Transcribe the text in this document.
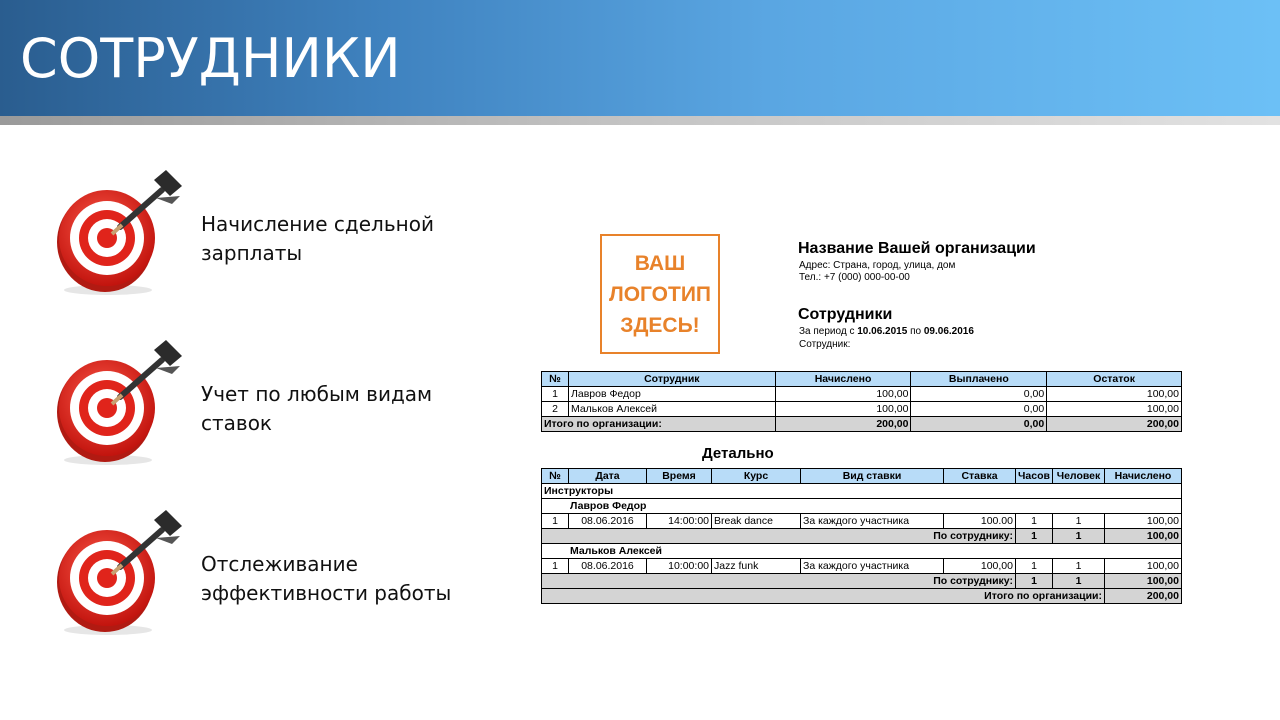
СОТРУДНИКИ
Начисление сдельной
зарплаты
Учет по любым видам
ставок
Отслеживание
эффективности работы
ВАШ
ЛОГОТИП
ЗДЕСЬ!
Название Вашей организации
Адрес: Страна, город, улица, дом
Тел.: +7 (000) 000-00-00
Сотрудники
За период с 10.06.2015 по 09.06.2016
Сотрудник:
№	Сотрудник	Начислено	Выплачено	Остаток
1	Лавров Федор	100,00	0,00	100,00
2	Мальков Алексей	100,00	0,00	100,00
Итого по организации:		200,00	0,00	200,00
Детально
№	Дата	Время	Курс	Вид ставки	Ставка	Часов	Человек	Начислено
Инструкторы								
Лавров Федор								
1	08.06.2016	14:00:00	Break dance	За каждого участника	100.00	1	1	100,00
По сотруднику:						1	1	100,00
Мальков Алексей								
1	08.06.2016	10:00:00	Jazz funk	За каждого участника	100,00	1	1	100,00
По сотруднику:						1	1	100,00
Итого по организации:								200,00
